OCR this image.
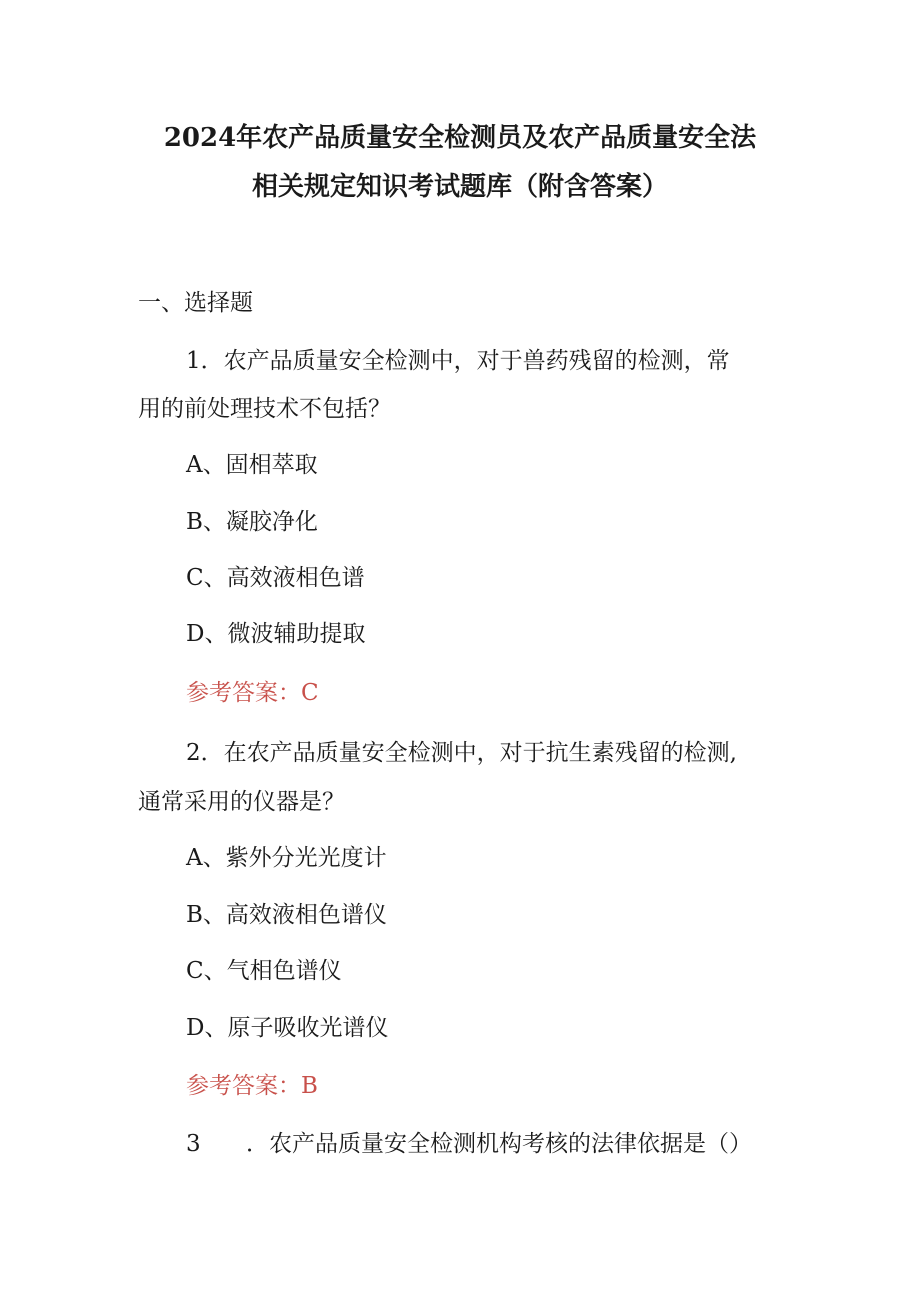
2024年农产品质量安全检测员及农产品质量安全法
相关规定知识考试题库（附含答案）
一、选择题
1．农产品质量安全检测中，对于兽药残留的检测，常
用的前处理技术不包括？
A、固相萃取
B、凝胶净化
C、高效液相色谱
D、微波辅助提取
参考答案：C
2．在农产品质量安全检测中，对于抗生素残留的检测,
通常采用的仪器是？
A、紫外分光光度计
B、高效液相色谱仪
C、气相色谱仪
D、原子吸收光谱仪
参考答案：B
3 ．农产品质量安全检测机构考核的法律依据是（）
